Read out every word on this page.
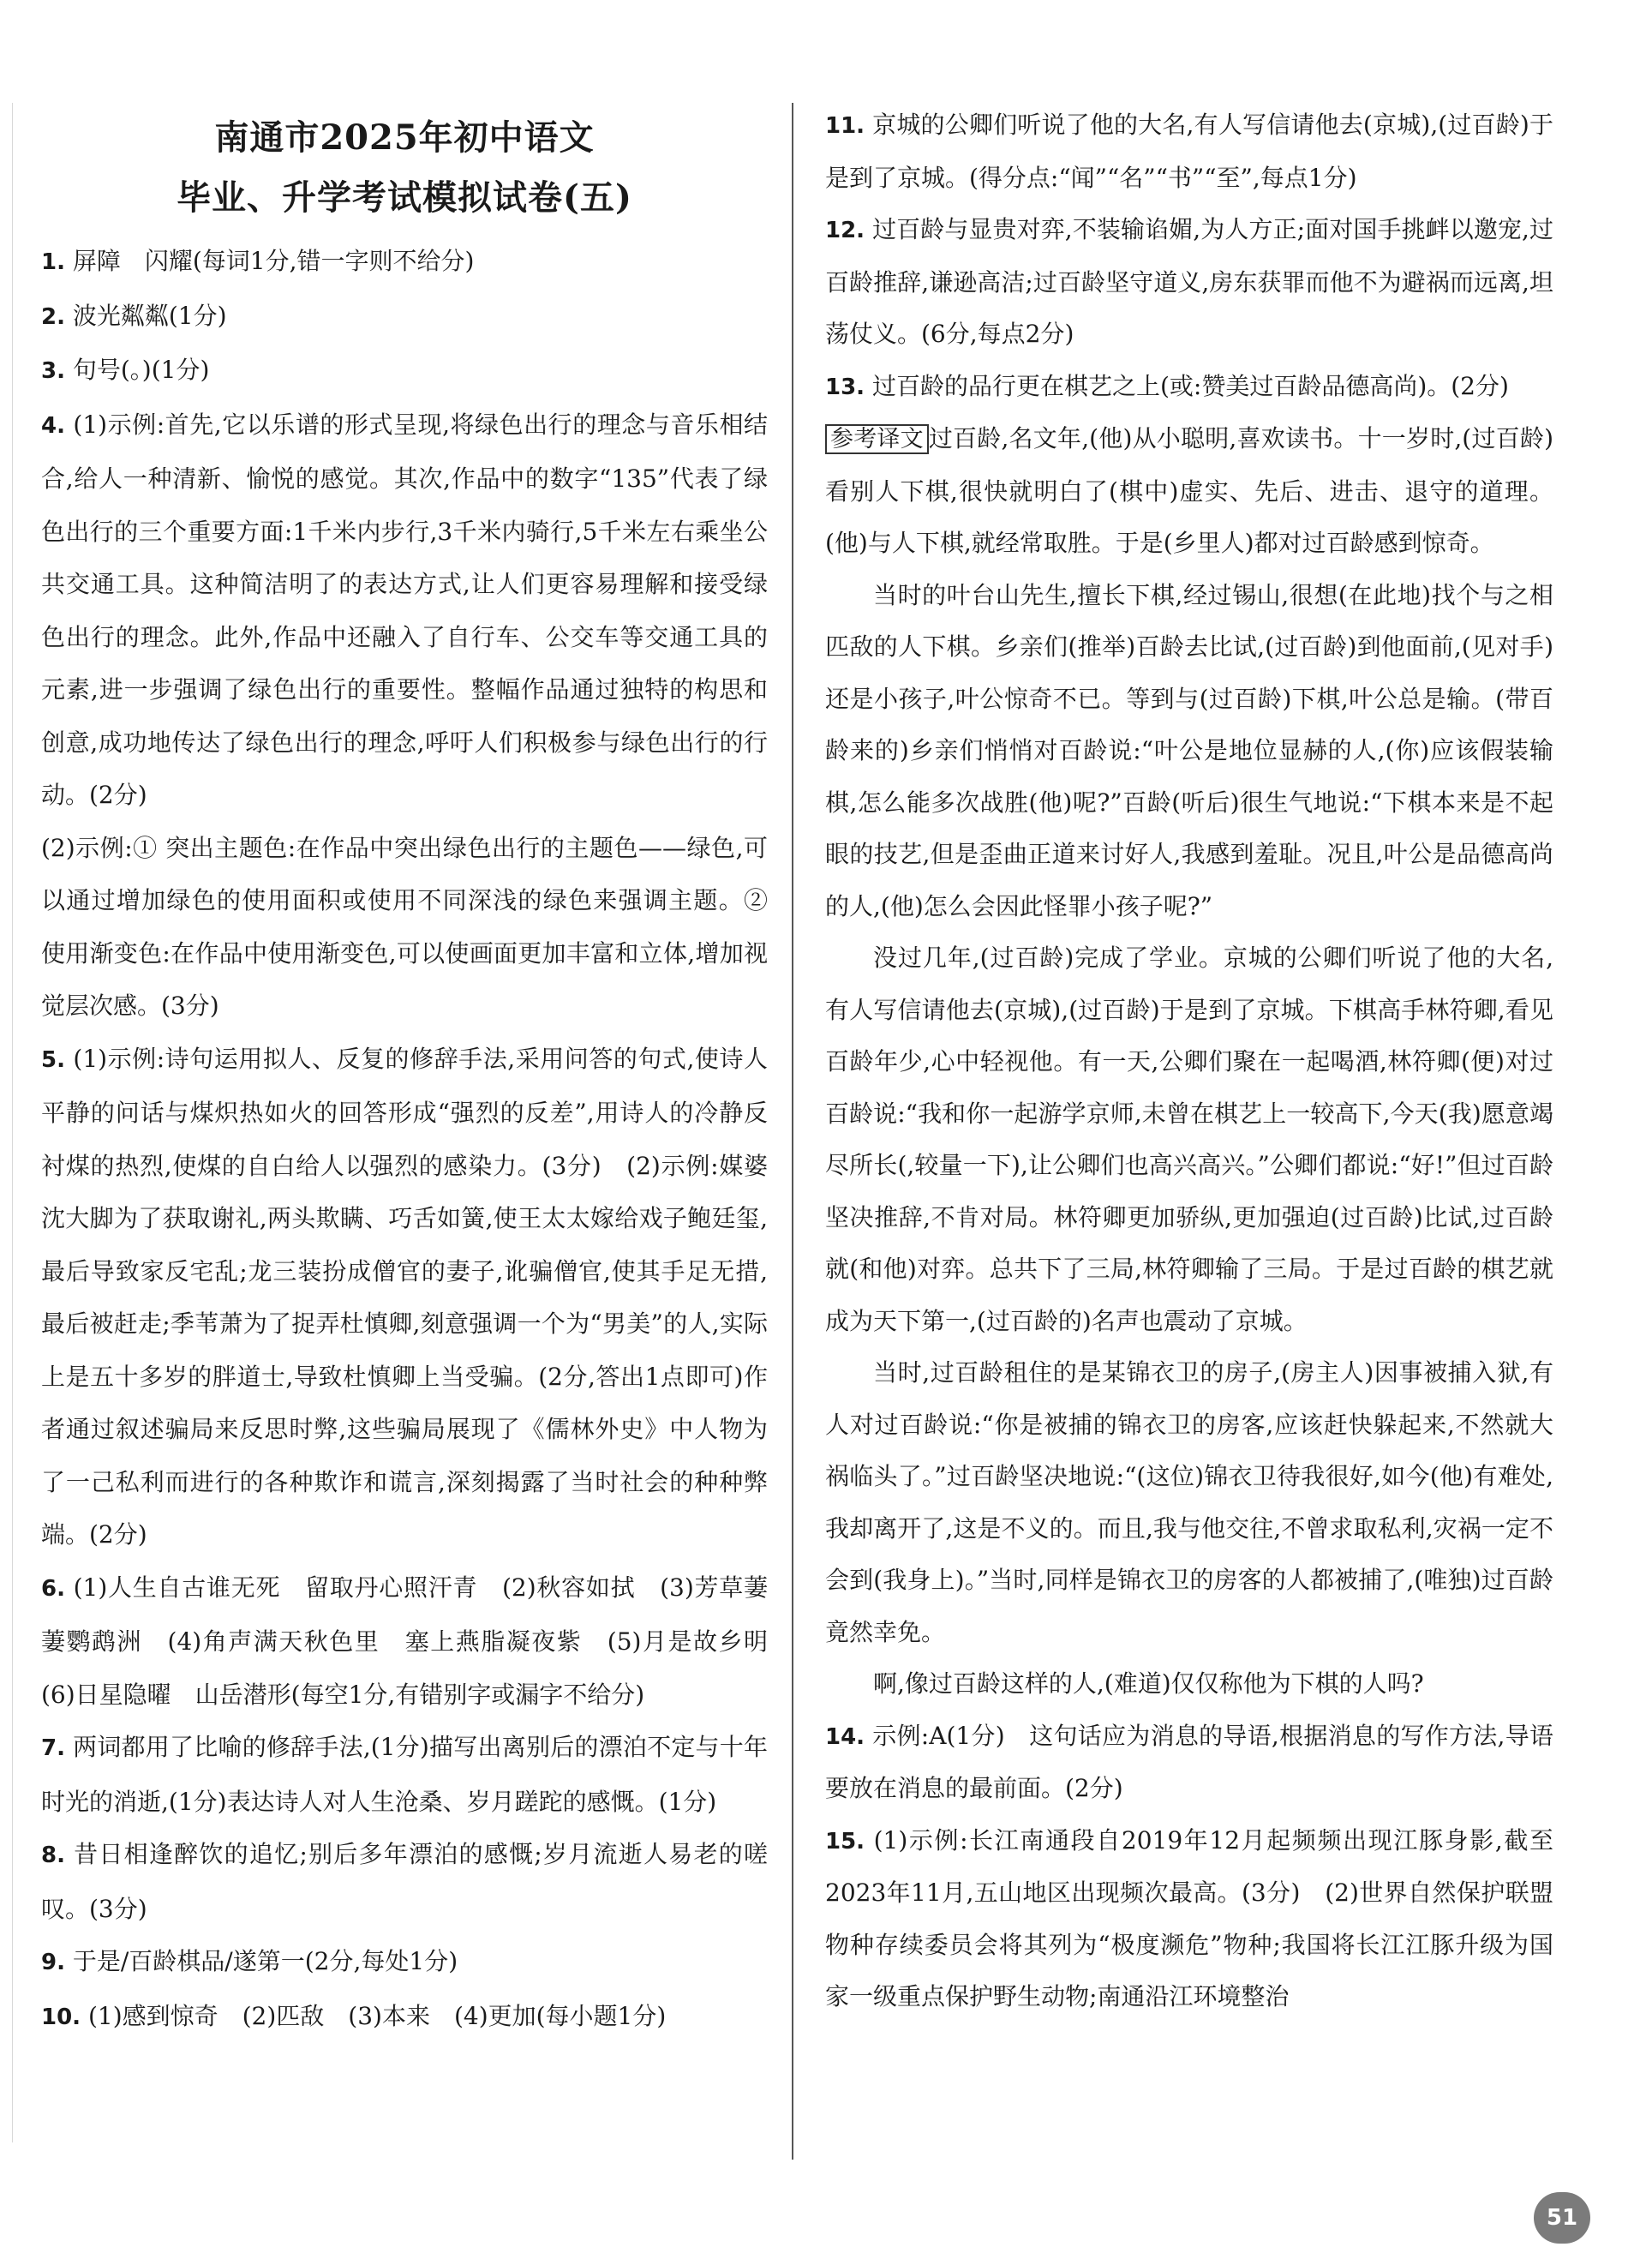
南通市2025年初中语文
毕业、升学考试模拟试卷(五)

1. 屏障　闪耀(每词1分,错一字则不给分)

2. 波光粼粼(1分)

3. 句号(。)(1分)

4. (1)示例:首先,它以乐谱的形式呈现,将绿色出行的理念与音乐相结合,给人一种清新、愉悦的感觉。其次,作品中的数字“135”代表了绿色出行的三个重要方面:1千米内步行,3千米内骑行,5千米左右乘坐公共交通工具。这种简洁明了的表达方式,让人们更容易理解和接受绿色出行的理念。此外,作品中还融入了自行车、公交车等交通工具的元素,进一步强调了绿色出行的重要性。整幅作品通过独特的构思和创意,成功地传达了绿色出行的理念,呼吁人们积极参与绿色出行的行动。(2分)

(2)示例:① 突出主题色:在作品中突出绿色出行的主题色——绿色,可以通过增加绿色的使用面积或使用不同深浅的绿色来强调主题。② 使用渐变色:在作品中使用渐变色,可以使画面更加丰富和立体,增加视觉层次感。(3分)

5. (1)示例:诗句运用拟人、反复的修辞手法,采用问答的句式,使诗人平静的问话与煤炽热如火的回答形成“强烈的反差”,用诗人的冷静反衬煤的热烈,使煤的自白给人以强烈的感染力。(3分)　(2)示例:媒婆沈大脚为了获取谢礼,两头欺瞒、巧舌如簧,使王太太嫁给戏子鲍廷玺,最后导致家反宅乱;龙三装扮成僧官的妻子,讹骗僧官,使其手足无措,最后被赶走;季苇萧为了捉弄杜慎卿,刻意强调一个为“男美”的人,实际上是五十多岁的胖道士,导致杜慎卿上当受骗。(2分,答出1点即可)作者通过叙述骗局来反思时弊,这些骗局展现了《儒林外史》中人物为了一己私利而进行的各种欺诈和谎言,深刻揭露了当时社会的种种弊端。(2分)

6. (1)人生自古谁无死　留取丹心照汗青　(2)秋容如拭　(3)芳草萋萋鹦鹉洲　(4)角声满天秋色里　塞上燕脂凝夜紫　(5)月是故乡明　(6)日星隐曜　山岳潜形(每空1分,有错别字或漏字不给分)

7. 两词都用了比喻的修辞手法,(1分)描写出离别后的漂泊不定与十年时光的消逝,(1分)表达诗人对人生沧桑、岁月蹉跎的感慨。(1分)

8. 昔日相逢醉饮的追忆;别后多年漂泊的感慨;岁月流逝人易老的嗟叹。(3分)

9. 于是/百龄棋品/遂第一(2分,每处1分)

10. (1)感到惊奇　(2)匹敌　(3)本来　(4)更加(每小题1分)

11. 京城的公卿们听说了他的大名,有人写信请他去(京城),(过百龄)于是到了京城。(得分点:“闻”“名”“书”“至”,每点1分)

12. 过百龄与显贵对弈,不装输谄媚,为人方正;面对国手挑衅以邀宠,过百龄推辞,谦逊高洁;过百龄坚守道义,房东获罪而他不为避祸而远离,坦荡仗义。(6分,每点2分)

13. 过百龄的品行更在棋艺之上(或:赞美过百龄品德高尚)。(2分)

参考译文 过百龄,名文年,(他)从小聪明,喜欢读书。十一岁时,(过百龄)看别人下棋,很快就明白了(棋中)虚实、先后、进击、退守的道理。(他)与人下棋,就经常取胜。于是(乡里人)都对过百龄感到惊奇。

当时的叶台山先生,擅长下棋,经过锡山,很想(在此地)找个与之相匹敌的人下棋。乡亲们(推举)百龄去比试,(过百龄)到他面前,(见对手)还是小孩子,叶公惊奇不已。等到与(过百龄)下棋,叶公总是输。(带百龄来的)乡亲们悄悄对百龄说:“叶公是地位显赫的人,(你)应该假装输棋,怎么能多次战胜(他)呢?”百龄(听后)很生气地说:“下棋本来是不起眼的技艺,但是歪曲正道来讨好人,我感到羞耻。况且,叶公是品德高尚的人,(他)怎么会因此怪罪小孩子呢?”

没过几年,(过百龄)完成了学业。京城的公卿们听说了他的大名,有人写信请他去(京城),(过百龄)于是到了京城。下棋高手林符卿,看见百龄年少,心中轻视他。有一天,公卿们聚在一起喝酒,林符卿(便)对过百龄说:“我和你一起游学京师,未曾在棋艺上一较高下,今天(我)愿意竭尽所长(,较量一下),让公卿们也高兴高兴。”公卿们都说:“好!”但过百龄坚决推辞,不肯对局。林符卿更加骄纵,更加强迫(过百龄)比试,过百龄就(和他)对弈。总共下了三局,林符卿输了三局。于是过百龄的棋艺就成为天下第一,(过百龄的)名声也震动了京城。

当时,过百龄租住的是某锦衣卫的房子,(房主人)因事被捕入狱,有人对过百龄说:“你是被捕的锦衣卫的房客,应该赶快躲起来,不然就大祸临头了。”过百龄坚决地说:“(这位)锦衣卫待我很好,如今(他)有难处,我却离开了,这是不义的。而且,我与他交往,不曾求取私利,灾祸一定不会到(我身上)。”当时,同样是锦衣卫的房客的人都被捕了,(唯独)过百龄竟然幸免。

啊,像过百龄这样的人,(难道)仅仅称他为下棋的人吗?

14. 示例:A(1分)　这句话应为消息的导语,根据消息的写作方法,导语要放在消息的最前面。(2分)

15. (1)示例:长江南通段自2019年12月起频频出现江豚身影,截至2023年11月,五山地区出现频次最高。(3分)　(2)世界自然保护联盟物种存续委员会将其列为“极度濒危”物种;我国将长江江豚升级为国家一级重点保护野生动物;南通沿江环境整治

51
